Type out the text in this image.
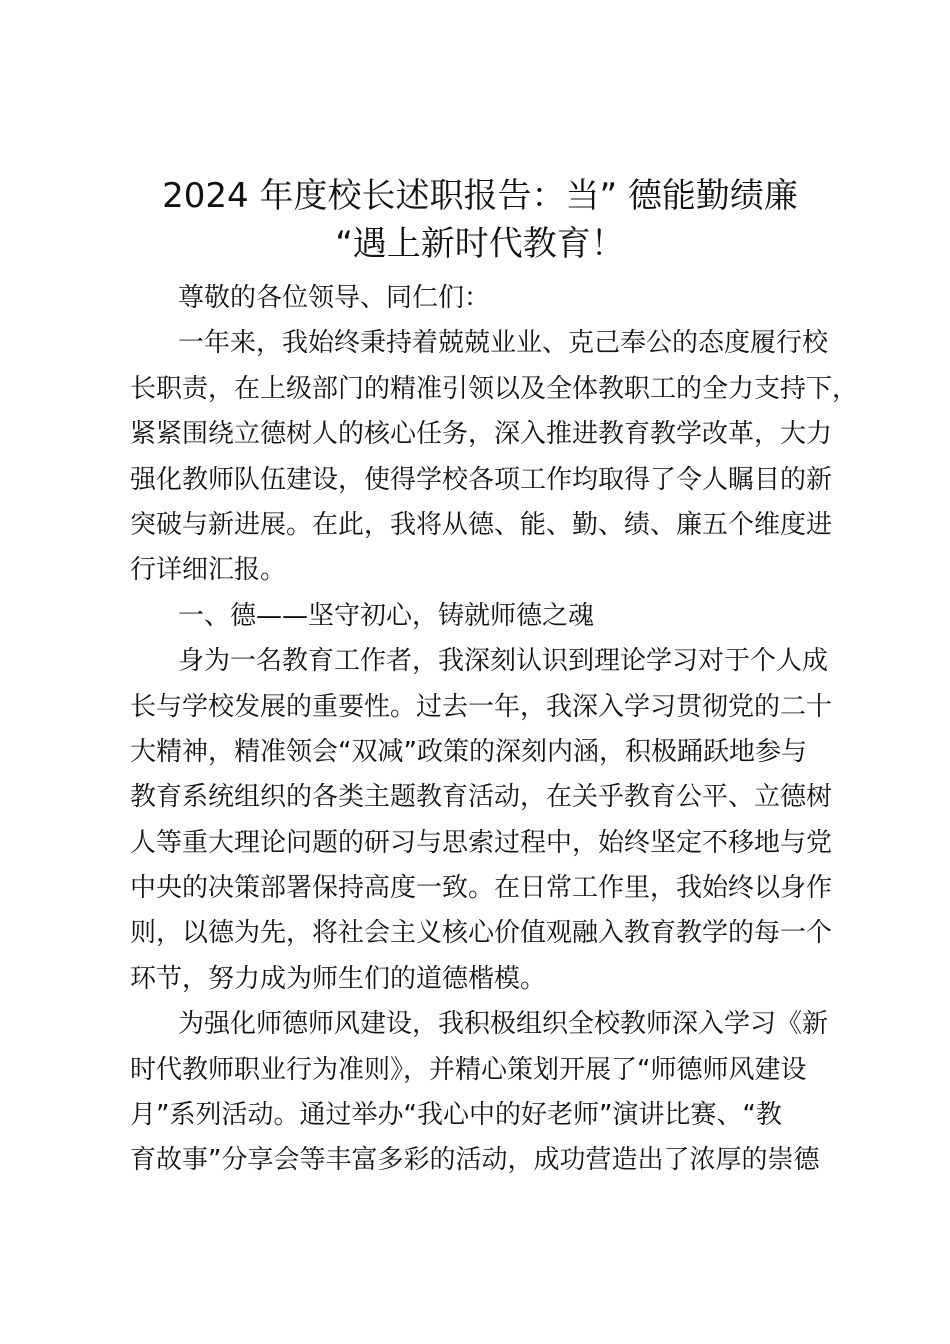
2024 年度校长述职报告：当” 德能勤绩廉
“遇上新时代教育！
尊敬的各位领导、同仁们：
一年来，我始终秉持着兢兢业业、克己奉公的态度履行校
长职责，在上级部门的精准引领以及全体教职工的全力支持下，
紧紧围绕立德树人的核心任务，深入推进教育教学改革，大力
强化教师队伍建设，使得学校各项工作均取得了令人瞩目的新
突破与新进展。在此，我将从德、能、勤、绩、廉五个维度进
行详细汇报。
一、德——坚守初心，铸就师德之魂
身为一名教育工作者，我深刻认识到理论学习对于个人成
长与学校发展的重要性。过去一年，我深入学习贯彻党的二十
大精神，精准领会“双减”政策的深刻内涵，积极踊跃地参与
教育系统组织的各类主题教育活动，在关乎教育公平、立德树
人等重大理论问题的研习与思索过程中，始终坚定不移地与党
中央的决策部署保持高度一致。在日常工作里，我始终以身作
则，以德为先，将社会主义核心价值观融入教育教学的每一个
环节，努力成为师生们的道德楷模。
为强化师德师风建设，我积极组织全校教师深入学习《新
时代教师职业行为准则》，并精心策划开展了“师德师风建设
月”系列活动。通过举办“我心中的好老师”演讲比赛、“教
育故事”分享会等丰富多彩的活动，成功营造出了浓厚的崇德
